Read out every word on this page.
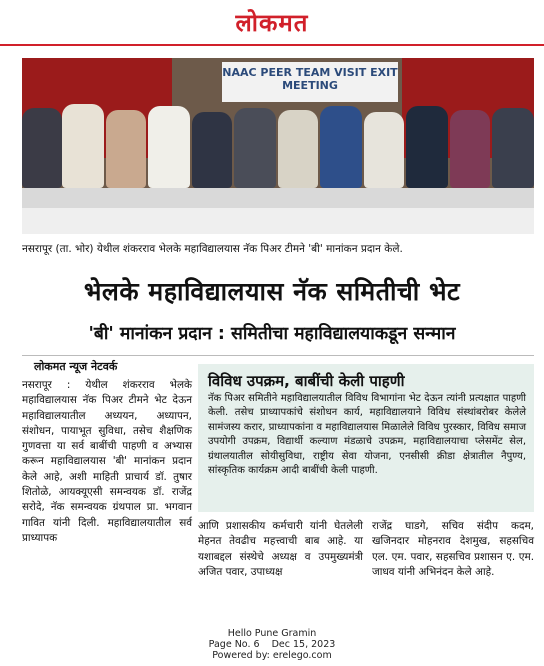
लोकमत
NAAC PEER TEAM VISIT EXIT MEETING
नसरापूर (ता. भोर) येथील शंकरराव भेलके महाविद्यालयास नॅक पिअर टीमने 'बी' मानांकन प्रदान केले.
भेलके महाविद्यालयास नॅक समितीची भेट
'बी' मानांकन प्रदान : समितीचा महाविद्यालयाकडून सन्मान
लोकमत न्यूज नेटवर्क
नसरापूर : येथील शंकरराव भेलके महाविद्यालयास नॅक पिअर टीमने भेट देऊन महाविद्यालयातील अध्ययन, अध्यापन, संशोधन, पायाभूत सुविधा, तसेच शैक्षणिक गुणवत्ता या सर्व बाबींची पाहणी व अभ्यास करून महाविद्यालयास 'बी' मानांकन प्रदान केले आहे, अशी माहिती प्राचार्य डॉ. तुषार शितोळे, आयक्यूएसी समन्वयक डॉ. राजेंद्र सरोदे, नॅक समन्वयक ग्रंथपाल प्रा. भगवान गावित यांनी दिली. महाविद्यालयातील सर्व प्राध्यापक
विविध उपक्रम, बाबींची केली पाहणी
नॅक पिअर समितीने महाविद्यालयातील विविध विभागांना भेट देऊन त्यांनी प्रत्यक्षात पाहणी केली. तसेच प्राध्यापकांचे संशोधन कार्य, महाविद्यालयाने विविध संस्थांबरोबर केलेले सामंजस्य करार, प्राध्यापकांना व महाविद्यालयास मिळालेले विविध पुरस्कार, विविध समाज उपयोगी उपक्रम, विद्यार्थी कल्याण मंडळाचे उपक्रम, महाविद्यालयाचा प्लेसमेंट सेल, ग्रंथालयातील सोयीसुविधा, राष्ट्रीय सेवा योजना, एनसीसी क्रीडा क्षेत्रातील नैपुण्य, सांस्कृतिक कार्यक्रम आदी बाबींची केली पाहणी.
आणि प्रशासकीय कर्मचारी यांनी घेतलेली मेहनत तेवढीच महत्त्वाची बाब आहे. या यशाबद्दल संस्थेचे अध्यक्ष व उपमुख्यमंत्री अजित पवार, उपाध्यक्ष
राजेंद्र घाडगे, सचिव संदीप कदम, खजिनदार मोहनराव देशमुख, सहसचिव एल. एम. पवार, सहसचिव प्रशासन ए. एम. जाधव यांनी अभिनंदन केले आहे.
Hello Pune Gramin
Page No. 6    Dec 15, 2023
Powered by: erelego.com
